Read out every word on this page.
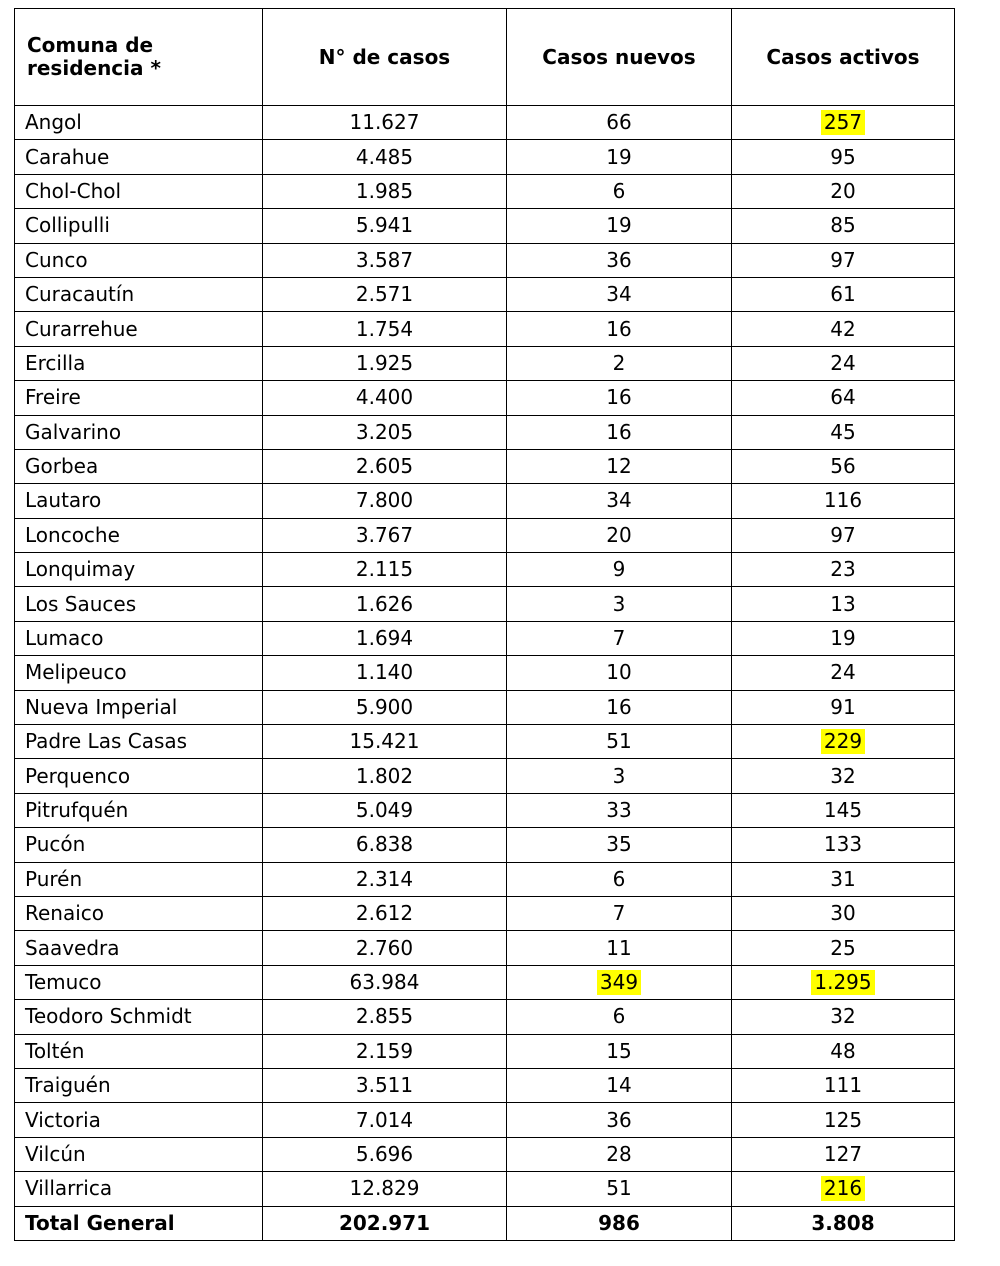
Comuna de residencia *	N° de casos	Casos nuevos	Casos activos
Angol	11.627	66	257
Carahue	4.485	19	95
Chol-Chol	1.985	6	20
Collipulli	5.941	19	85
Cunco	3.587	36	97
Curacautín	2.571	34	61
Curarrehue	1.754	16	42
Ercilla	1.925	2	24
Freire	4.400	16	64
Galvarino	3.205	16	45
Gorbea	2.605	12	56
Lautaro	7.800	34	116
Loncoche	3.767	20	97
Lonquimay	2.115	9	23
Los Sauces	1.626	3	13
Lumaco	1.694	7	19
Melipeuco	1.140	10	24
Nueva Imperial	5.900	16	91
Padre Las Casas	15.421	51	229
Perquenco	1.802	3	32
Pitrufquén	5.049	33	145
Pucón	6.838	35	133
Purén	2.314	6	31
Renaico	2.612	7	30
Saavedra	2.760	11	25
Temuco	63.984	349	1.295
Teodoro Schmidt	2.855	6	32
Toltén	2.159	15	48
Traiguén	3.511	14	111
Victoria	7.014	36	125
Vilcún	5.696	28	127
Villarrica	12.829	51	216
Total General	202.971	986	3.808
